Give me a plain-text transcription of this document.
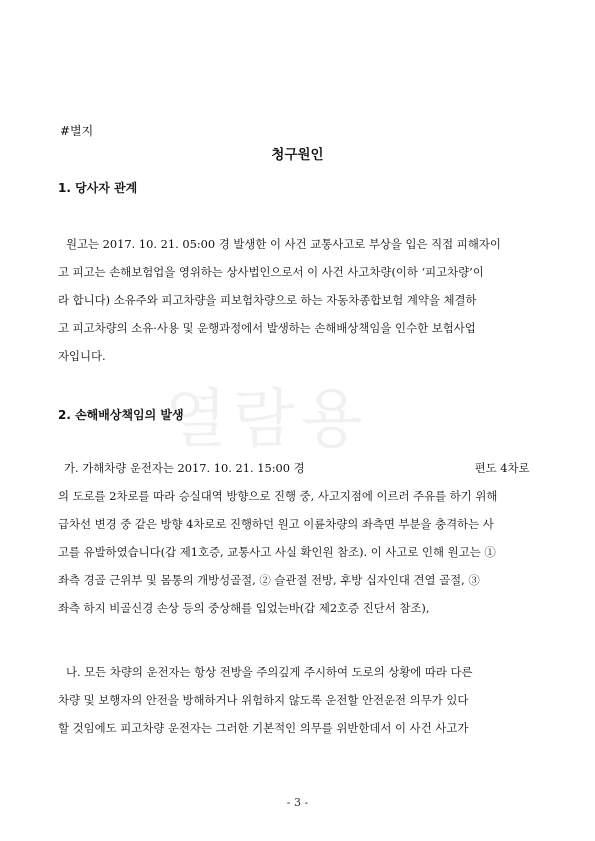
열람용
#별지
청구원인
1. 당사자 관계
원고는 2017. 10. 21. 05:00 경 발생한 이 사건 교통사고로 부상을 입은 직접 피해자이
고 피고는 손해보험업을 영위하는 상사법인으로서 이 사건 사고차량(이하 ‘피고차량’이
라 합니다) 소유주와 피고차량을 피보험차량으로 하는 자동차종합보험 계약을 체결하
고 피고차량의 소유·사용 및 운행과정에서 발생하는 손해배상책임을 인수한 보험사업
자입니다.
2. 손해배상책임의 발생
가. 가해차량 운전자는 2017. 10. 21. 15:00 경	편도 4차로
의 도로를 2차로를 따라 승실대역 방향으로 진행 중, 사고지점에 이르러 주유를 하기 위해
급차선 변경 중 같은 방향 4차로로 진행하던 원고 이륜차량의 좌측면 부분을 충격하는 사
고를 유발하였습니다(갑 제1호증, 교통사고 사실 확인원 참조). 이 사고로 인해 원고는 ①
좌측 경골 근위부 및 몸통의 개방성골절, ② 슬관절 전방, 후방 십자인대 견열 골절, ③
좌측 하지 비골신경 손상 등의 중상해를 입었는바(갑 제2호증 진단서 참조),
나. 모든 차량의 운전자는 항상 전방을 주의깊게 주시하여 도로의 상황에 따라 다른
차량 및 보행자의 안전을 방해하거나 위험하지 않도록 운전할 안전운전 의무가 있다
할 것임에도 피고차량 운전자는 그러한 기본적인 의무를 위반한데서 이 사건 사고가
- 3 -
